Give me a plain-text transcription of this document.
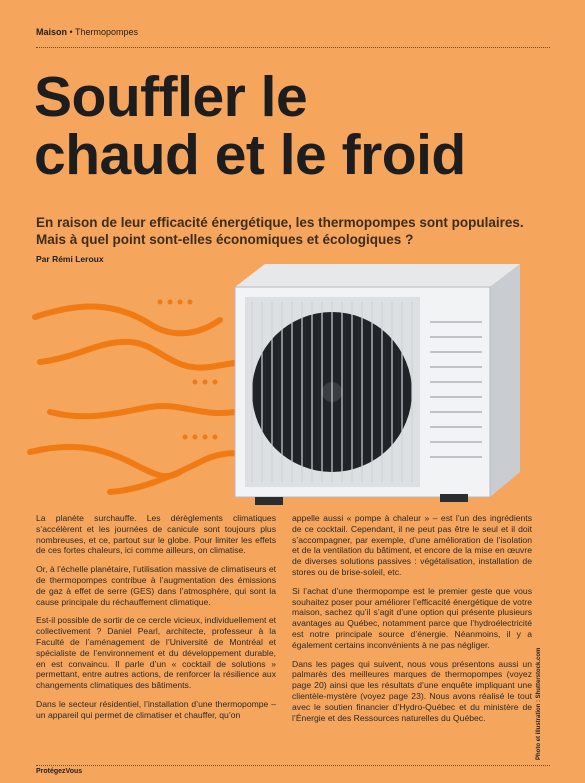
Maison • Thermopompes
Souffler le
chaud et le froid
En raison de leur efficacité énergétique, les thermopompes sont populaires. Mais à quel point sont-elles économiques et écologiques ?
Par Rémi Leroux

La planète surchauffe. Les dérèglements climatiques s’accélèrent et les journées de canicule sont toujours plus nombreuses, et ce, partout sur le globe. Pour limiter les effets de ces fortes chaleurs, ici comme ailleurs, on climatise.

Or, à l’échelle planétaire, l’utilisation massive de climatiseurs et de thermopompes contribue à l’augmentation des émissions de gaz à effet de serre (GES) dans l’atmosphère, qui sont la cause principale du réchauffement climatique.

Est-il possible de sortir de ce cercle vicieux, individuellement et collectivement ? Daniel Pearl, architecte, professeur à la Faculté de l’aménagement de l’Université de Montréal et spécialiste de l’environnement et du développement durable, en est convaincu. Il parle d’un « cocktail de solutions » permettant, entre autres actions, de renforcer la résilience aux changements climatiques des bâtiments.

Dans le secteur résidentiel, l’installation d’une thermopompe – un appareil qui permet de climatiser et chauffer, qu’on

appelle aussi « pompe à chaleur » – est l’un des ingrédients de ce cocktail. Cependant, il ne peut pas être le seul et il doit s’accompagner, par exemple, d’une amélioration de l’isolation et de la ventilation du bâtiment, et encore de la mise en œuvre de diverses solutions passives : végétalisation, installation de stores ou de brise-soleil, etc.

Si l’achat d’une thermopompe est le premier geste que vous souhaitez poser pour améliorer l’efficacité énergétique de votre maison, sachez qu’il s’agit d’une option qui présente plusieurs avantages au Québec, notamment parce que l’hydroélectricité est notre principale source d’énergie. Néanmoins, il y a également certains inconvénients à ne pas négliger.

Dans les pages qui suivent, nous vous présentons aussi un palmarès des meilleures marques de thermopompes (voyez page 20) ainsi que les résultats d’une enquête impliquant une clientèle-mystère (voyez page 23). Nous avons réalisé le tout avec le soutien financier d’Hydro-Québec et du ministère de l’Énergie et des Ressources naturelles du Québec.	Photo et illustration : Shutterstock.com
ProtégezVous
